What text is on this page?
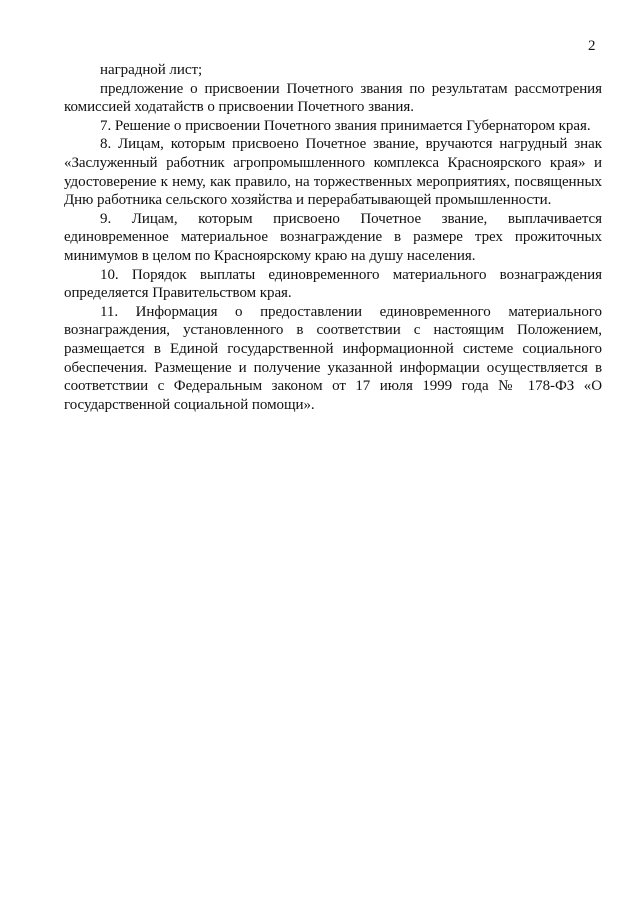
2

наградной лист;

предложение о присвоении Почетного звания по результатам рассмотрения комиссией ходатайств о присвоении Почетного звания.

7. Решение о присвоении Почетного звания принимается Губернатором края.

8. Лицам, которым присвоено Почетное звание, вручаются нагрудный знак «Заслуженный работник агропромышленного комплекса Красноярского края» и удостоверение к нему, как правило, на торжественных мероприятиях, посвященных Дню работника сельского хозяйства и перерабатывающей промышленности.

9. Лицам, которым присвоено Почетное звание, выплачивается единовременное материальное вознаграждение в размере трех прожиточных минимумов в целом по Красноярскому краю на душу населения.

10. Порядок выплаты единовременного материального вознаграждения определяется Правительством края.

11. Информация о предоставлении единовременного материального вознаграждения, установленного в соответствии с настоящим Положением, размещается в Единой государственной информационной системе социального обеспечения. Размещение и получение указанной информации осуществляется в соответствии с Федеральным законом от 17 июля 1999 года № 178-ФЗ «О государственной социальной помощи».
